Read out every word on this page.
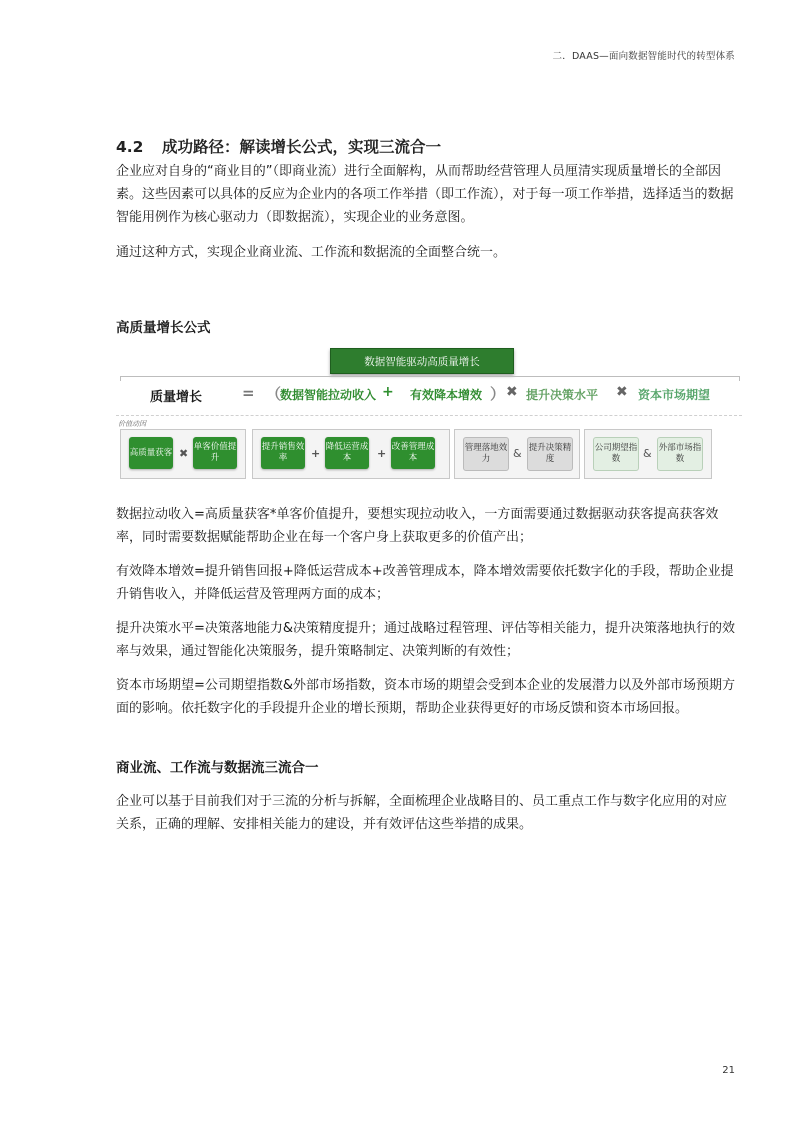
二．DAAS—面向数据智能时代的转型体系
4.2 成功路径：解读增长公式，实现三流合一

企业应对自身的“商业目的”（即商业流）进行全面解构，从而帮助经营管理人员厘清实现质量增长的全部因素。这些因素可以具体的反应为企业内的各项工作举措（即工作流），对于每一项工作举措，选择适当的数据智能用例作为核心驱动力（即数据流），实现企业的业务意图。

通过这种方式，实现企业商业流、工作流和数据流的全面整合统一。

高质量增长公式
数据智能驱动高质量增长
质量增长	= （
数据智能拉动收入 + 有效降本增效 ） ✖ 提升决策水平 ✖ 资本市场期望
价值动因
高质量获客 ✖ 单客价值提升
提升销售效率	+ 降低运营成本	+ 改善管理成本
管理落地效力	& 提升决策精度
公司期望指数	& 外部市场指数

数据拉动收入=高质量获客*单客价值提升，要想实现拉动收入，一方面需要通过数据驱动获客提高获客效率，同时需要数据赋能帮助企业在每一个客户身上获取更多的价值产出；

有效降本增效=提升销售回报+降低运营成本+改善管理成本，降本增效需要依托数字化的手段，帮助企业提升销售收入，并降低运营及管理两方面的成本；

提升决策水平=决策落地能力&决策精度提升；通过战略过程管理、评估等相关能力，提升决策落地执行的效率与效果，通过智能化决策服务，提升策略制定、决策判断的有效性；

资本市场期望=公司期望指数&外部市场指数，资本市场的期望会受到本企业的发展潜力以及外部市场预期方面的影响。依托数字化的手段提升企业的增长预期，帮助企业获得更好的市场反馈和资本市场回报。

商业流、工作流与数据流三流合一

企业可以基于目前我们对于三流的分析与拆解，全面梳理企业战略目的、员工重点工作与数字化应用的对应关系，正确的理解、安排相关能力的建设，并有效评估这些举措的成果。

21
